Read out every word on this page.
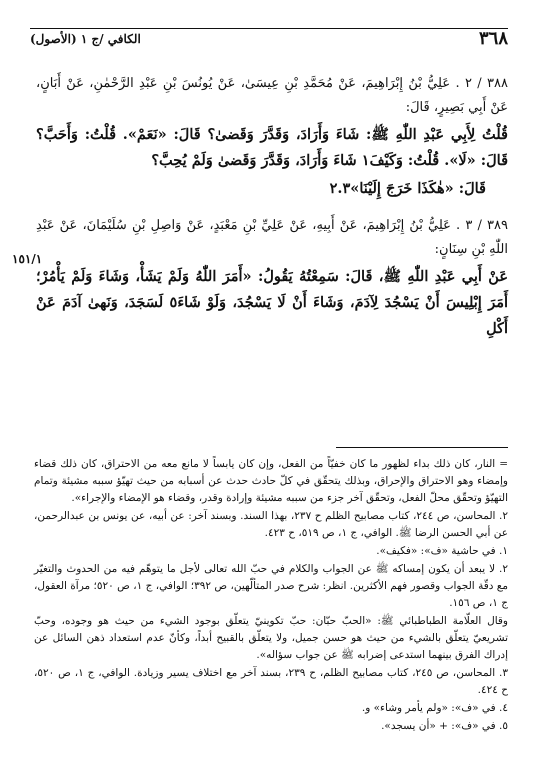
٣٦٨
الكافي /ج ١ (الأصول)

٣٨٨ / ٢ . عَلِيُّ بْنُ إِبْرَاهِيمَ، عَنْ مُحَمَّدِ بْنِ عِيسَىٰ، عَنْ يُونُسَ بْنِ عَبْدِ الرَّحْمٰنِ، عَنْ أَبَانٍ، عَنْ أَبِي بَصِيرٍ، قَالَ:

قُلْتُ لِأَبِي عَبْدِ اللّٰهِ ﷺ: شَاءَ وَأَرَادَ، وَقَدَّرَ وَقَضىٰ؟ قَالَ: «نَعَمْ». قُلْتُ: وَأَحَبَّ؟ قَالَ: «لَا». قُلْتُ: وَكَيْفَ١ شَاءَ وَأَرَادَ، وَقَدَّرَ وَقَضىٰ وَلَمْ يُحِبَّ؟

قَالَ: «هٰكَذَا خَرَجَ إِلَيْنَا»٢.٣

٣٨٩ / ٣ . عَلِيُّ بْنُ إِبْرَاهِيمَ، عَنْ أَبِيهِ، عَنْ عَلِيِّ بْنِ مَعْبَدٍ، عَنْ وَاصِلِ بْنِ سُلَيْمَانَ، عَنْ عَبْدِ اللّٰهِ بْنِ سِنَانٍ:

عَنْ أَبِي عَبْدِ اللّٰهِ ﷺ، قَالَ: سَمِعْتُهُ يَقُولُ: «أَمَرَ اللّٰهُ وَلَمْ يَشَأْ، وَشَاءَ وَلَمْ يَأْمُرْ؛ أَمَرَ إِبْلِيسَ أَنْ يَسْجُدَ لِآدَمَ، وَشَاءَ أَنْ لَا يَسْجُدَ، وَلَوْ شَاءَ٥ لَسَجَدَ، وَنَهىٰ آدَمَ عَنْ أَكْلِ

١٥١/١

= النار، كان ذلك بداء لظهور ما كان خفيّاً من الفعل، وإن كان يابساً لا مانع معه من الاحتراق، كان ذلك قضاء وإمضاء وهو الاحتراق والإحراق، وبذلك يتحقّق في كلّ حادث حدث عن أسبابه من حيث تهيّؤ سببه مشيئة وتمام التهيّؤ وتحقّق محلّ الفعل، وتحقّق آخر جزء من سببه مشيئة وإرادة وقدر، وقضاء هو الإمضاء والإجراء».

٢. المحاسن، ص ٢٤٤، كتاب مصابيح الظلم ح ٢٣٧، بهذا السند. وبسند آخر: عن أبيه، عن يونس بن عبدالرحمن، عن أبي الحسن الرضا ﷺ. الوافي، ج ١، ص ٥١٩، ح ٤٢٣.

١. في حاشية «ف»: «فكيف».

٢. لا يبعد أن يكون إمساكه ﷺ عن الجواب والكلام في حبّ الله تعالى لأجل ما يتوهّم فيه من الحدوث والتغيّر مع دقّة الجواب وقصور فهم الأكثرين. انظر: شرح صدر المتألّهين، ص ٣٩٢؛ الوافي، ج ١، ص ٥٢٠؛ مرآة العقول، ج ١، ص ١٥٦.

وقال العلّامة الطباطبائي ﷺ: «الحبّ حبّان: حبّ تكوينيّ يتعلّق بوجود الشيء من حيث هو وجوده، وحبّ تشريعيّ يتعلّق بالشيء من حيث هو حسن جميل، ولا يتعلّق بالقبيح أبداً، وكأنّ عدم استعداد ذهن السائل عن إدراك الفرق بينهما استدعى إضرابه ﷺ عن جواب سؤاله».

٣. المحاسن، ص ٢٤٥، كتاب مصابيح الظلم، ح ٢٣٩، بسند آخر مع اختلاف يسير وزيادة. الوافي، ج ١، ص ٥٢٠، ح ٤٢٤.

٤. في «ف»: «ولم يأمر وشاء» و.

٥. في «ف»: + «أن يسجد».
